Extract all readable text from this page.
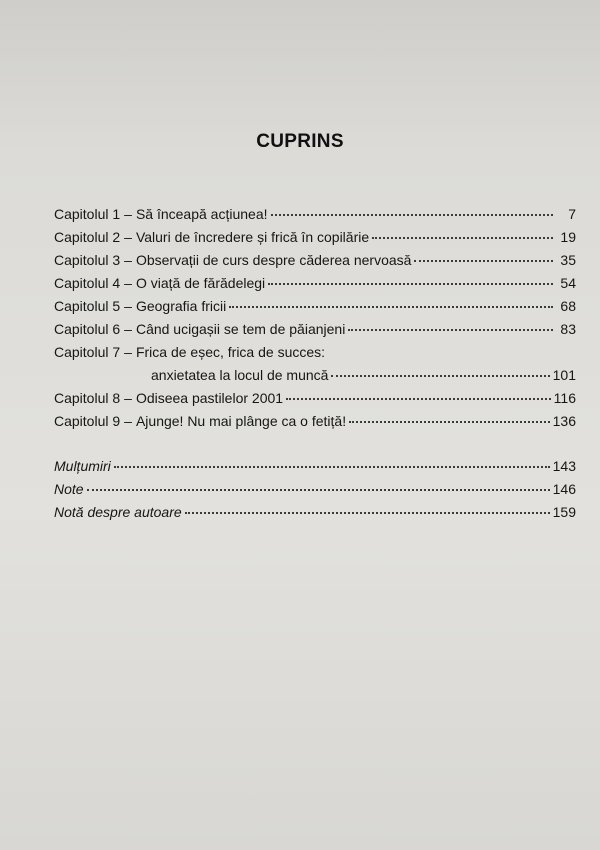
CUPRINS
Capitolul 1 – Să înceapă acțiunea!	7
Capitolul 2 – Valuri de încredere și frică în copilărie	19
Capitolul 3 – Observații de curs despre căderea nervoasă	35
Capitolul 4 – O viață de fărădelegi	54
Capitolul 5 – Geografia fricii	68
Capitolul 6 – Când ucigașii se tem de păianjeni	83
Capitolul 7 – Frica de eșec, frica de succes:
anxietatea la locul de muncă	101
Capitolul 8 – Odiseea pastilelor 2001	116
Capitolul 9 – Ajunge! Nu mai plânge ca o fetiță!	136
Mulțumiri	143
Note	146
Notă despre autoare	159
